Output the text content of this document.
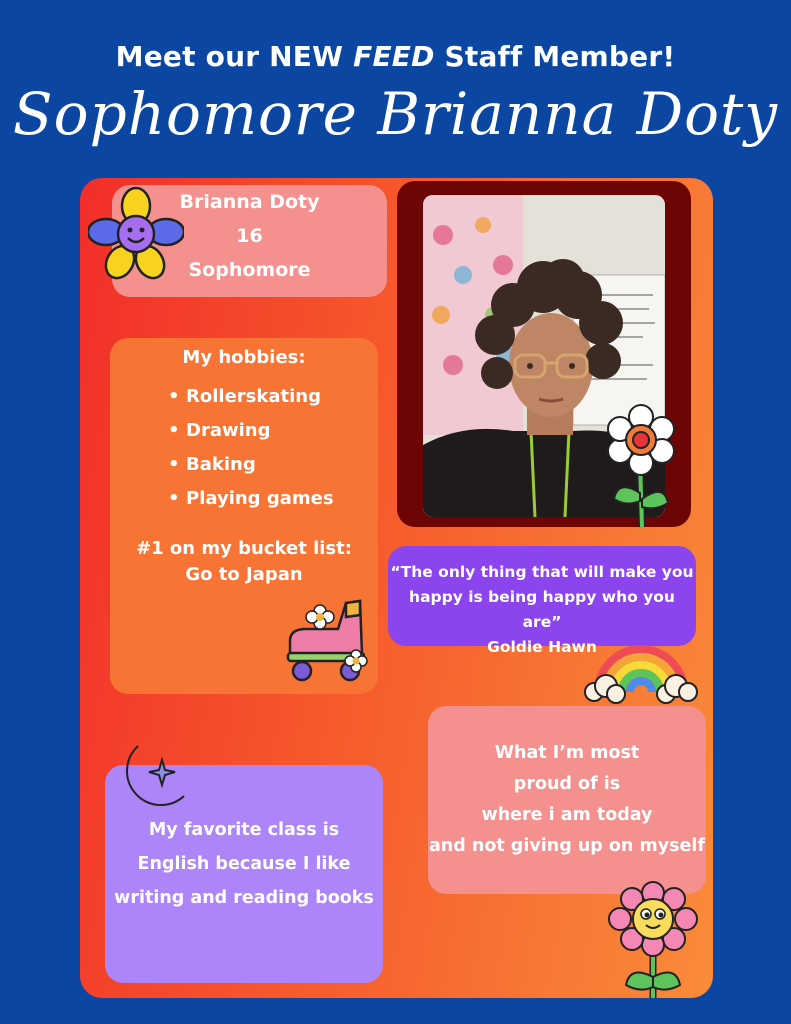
Meet our NEW FEED Staff Member!
Sophomore Brianna Doty
Brianna Doty
16
Sophomore
My hobbies:
• Rollerskating
• Drawing
• Baking
• Playing games
#1 on my bucket list:
Go to Japan	“The only thing that will make you
happy is being happy who you are”
Goldie Hawn
What I’m most
proud of is
where i am today
and not giving up on myself
My favorite class is
English because I like
writing and reading books
